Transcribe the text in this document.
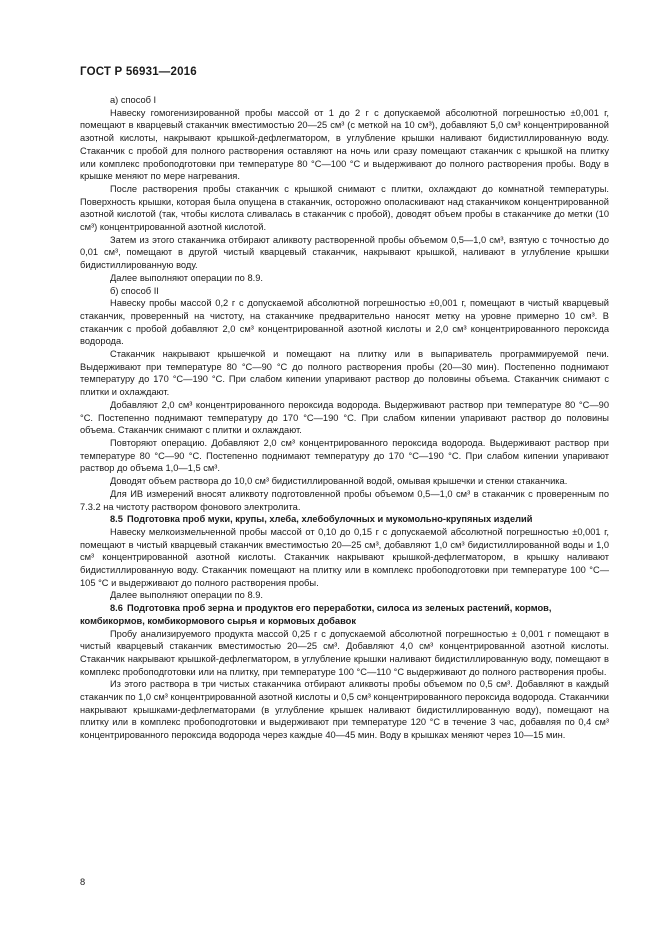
ГОСТ Р 56931—2016

а) способ I

Навеску гомогенизированной пробы массой от 1 до 2 г с допускаемой абсолютной погрешностью ±0,001 г, помещают в кварцевый стаканчик вместимостью 20—25 см³ (с меткой на 10 см³), добавляют 5,0 см³ концентрированной азотной кислоты, накрывают крышкой-дефлегматором, в углубление крышки наливают бидистиллированную воду. Стаканчик с пробой для полного растворения оставляют на ночь или сразу помещают стаканчик с крышкой на плитку или комплекс пробоподготовки при температуре 80 °С—100 °С и выдерживают до полного растворения пробы. Воду в крышке меняют по мере нагревания.

После растворения пробы стаканчик с крышкой снимают с плитки, охлаждают до комнатной температуры. Поверхность крышки, которая была опущена в стаканчик, осторожно ополаскивают над стаканчиком концентрированной азотной кислотой (так, чтобы кислота сливалась в стаканчик с пробой), доводят объем пробы в стаканчике до метки (10 см³) концентрированной азотной кислотой.

Затем из этого стаканчика отбирают аликвоту растворенной пробы объемом 0,5—1,0 см³, взятую с точностью до 0,01 см³, помещают в другой чистый кварцевый стаканчик, накрывают крышкой, наливают в углубление крышки бидистиллированную воду.

Далее выполняют операции по 8.9.

б) способ II

Навеску пробы массой 0,2 г с допускаемой абсолютной погрешностью ±0,001 г, помещают в чистый кварцевый стаканчик, проверенный на чистоту, на стаканчике предварительно наносят метку на уровне примерно 10 см³. В стаканчик с пробой добавляют 2,0 см³ концентрированной азотной кислоты и 2,0 см³ концентрированного пероксида водорода.

Стаканчик накрывают крышечкой и помещают на плитку или в выпариватель программируемой печи. Выдерживают при температуре 80 °С—90 °С до полного растворения пробы (20—30 мин). Постепенно поднимают температуру до 170 °С—190 °С. При слабом кипении упаривают раствор до половины объема. Стаканчик снимают с плитки и охлаждают.

Добавляют 2,0 см³ концентрированного пероксида водорода. Выдерживают раствор при температуре 80 °С—90 °С. Постепенно поднимают температуру до 170 °С—190 °С. При слабом кипении упаривают раствор до половины объема. Стаканчик снимают с плитки и охлаждают.

Повторяют операцию. Добавляют 2,0 см³ концентрированного пероксида водорода. Выдерживают раствор при температуре 80 °С—90 °С. Постепенно поднимают температуру до 170 °С—190 °С. При слабом кипении упаривают раствор до объема 1,0—1,5 см³.

Доводят объем раствора до 10,0 см³ бидистиллированной водой, омывая крышечки и стенки стаканчика.

Для ИВ измерений вносят аликвоту подготовленной пробы объемом 0,5—1,0 см³ в стаканчик с проверенным по 7.3.2 на чистоту раствором фонового электролита.

8.5 Подготовка проб муки, крупы, хлеба, хлебобулочных и мукомольно-крупяных изделий

Навеску мелкоизмельченной пробы массой от 0,10 до 0,15 г с допускаемой абсолютной погрешностью ±0,001 г, помещают в чистый кварцевый стаканчик вместимостью 20—25 см³, добавляют 1,0 см³ бидистиллированной воды и 1,0 см³ концентрированной азотной кислоты. Стаканчик накрывают крышкой-дефлегматором, в крышку наливают бидистиллированную воду. Стаканчик помещают на плитку или в комплекс пробоподготовки при температуре 100 °С—105 °С и выдерживают до полного растворения пробы.

Далее выполняют операции по 8.9.

8.6 Подготовка проб зерна и продуктов его переработки, силоса из зеленых растений, кормов, комбикормов, комбикормового сырья и кормовых добавок

Пробу анализируемого продукта массой 0,25 г с допускаемой абсолютной погрешностью ± 0,001 г помещают в чистый кварцевый стаканчик вместимостью 20—25 см³. Добавляют 4,0 см³ концентрированной азотной кислоты. Стаканчик накрывают крышкой-дефлегматором, в углубление крышки наливают бидистиллированную воду, помещают в комплекс пробоподготовки или на плитку, при температуре 100 °С—110 °С выдерживают до полного растворения пробы.

Из этого раствора в три чистых стаканчика отбирают аликвоты пробы объемом по 0,5 см³. Добавляют в каждый стаканчик по 1,0 см³ концентрированной азотной кислоты и 0,5 см³ концентрированного пероксида водорода. Стаканчики накрывают крышками-дефлегматорами (в углубление крышек наливают бидистиллированную воду), помещают на плитку или в комплекс пробоподготовки и выдерживают при температуре 120 °С в течение 3 час, добавляя по 0,4 см³ концентрированного пероксида водорода через каждые 40—45 мин. Воду в крышках меняют через 10—15 мин.

8
